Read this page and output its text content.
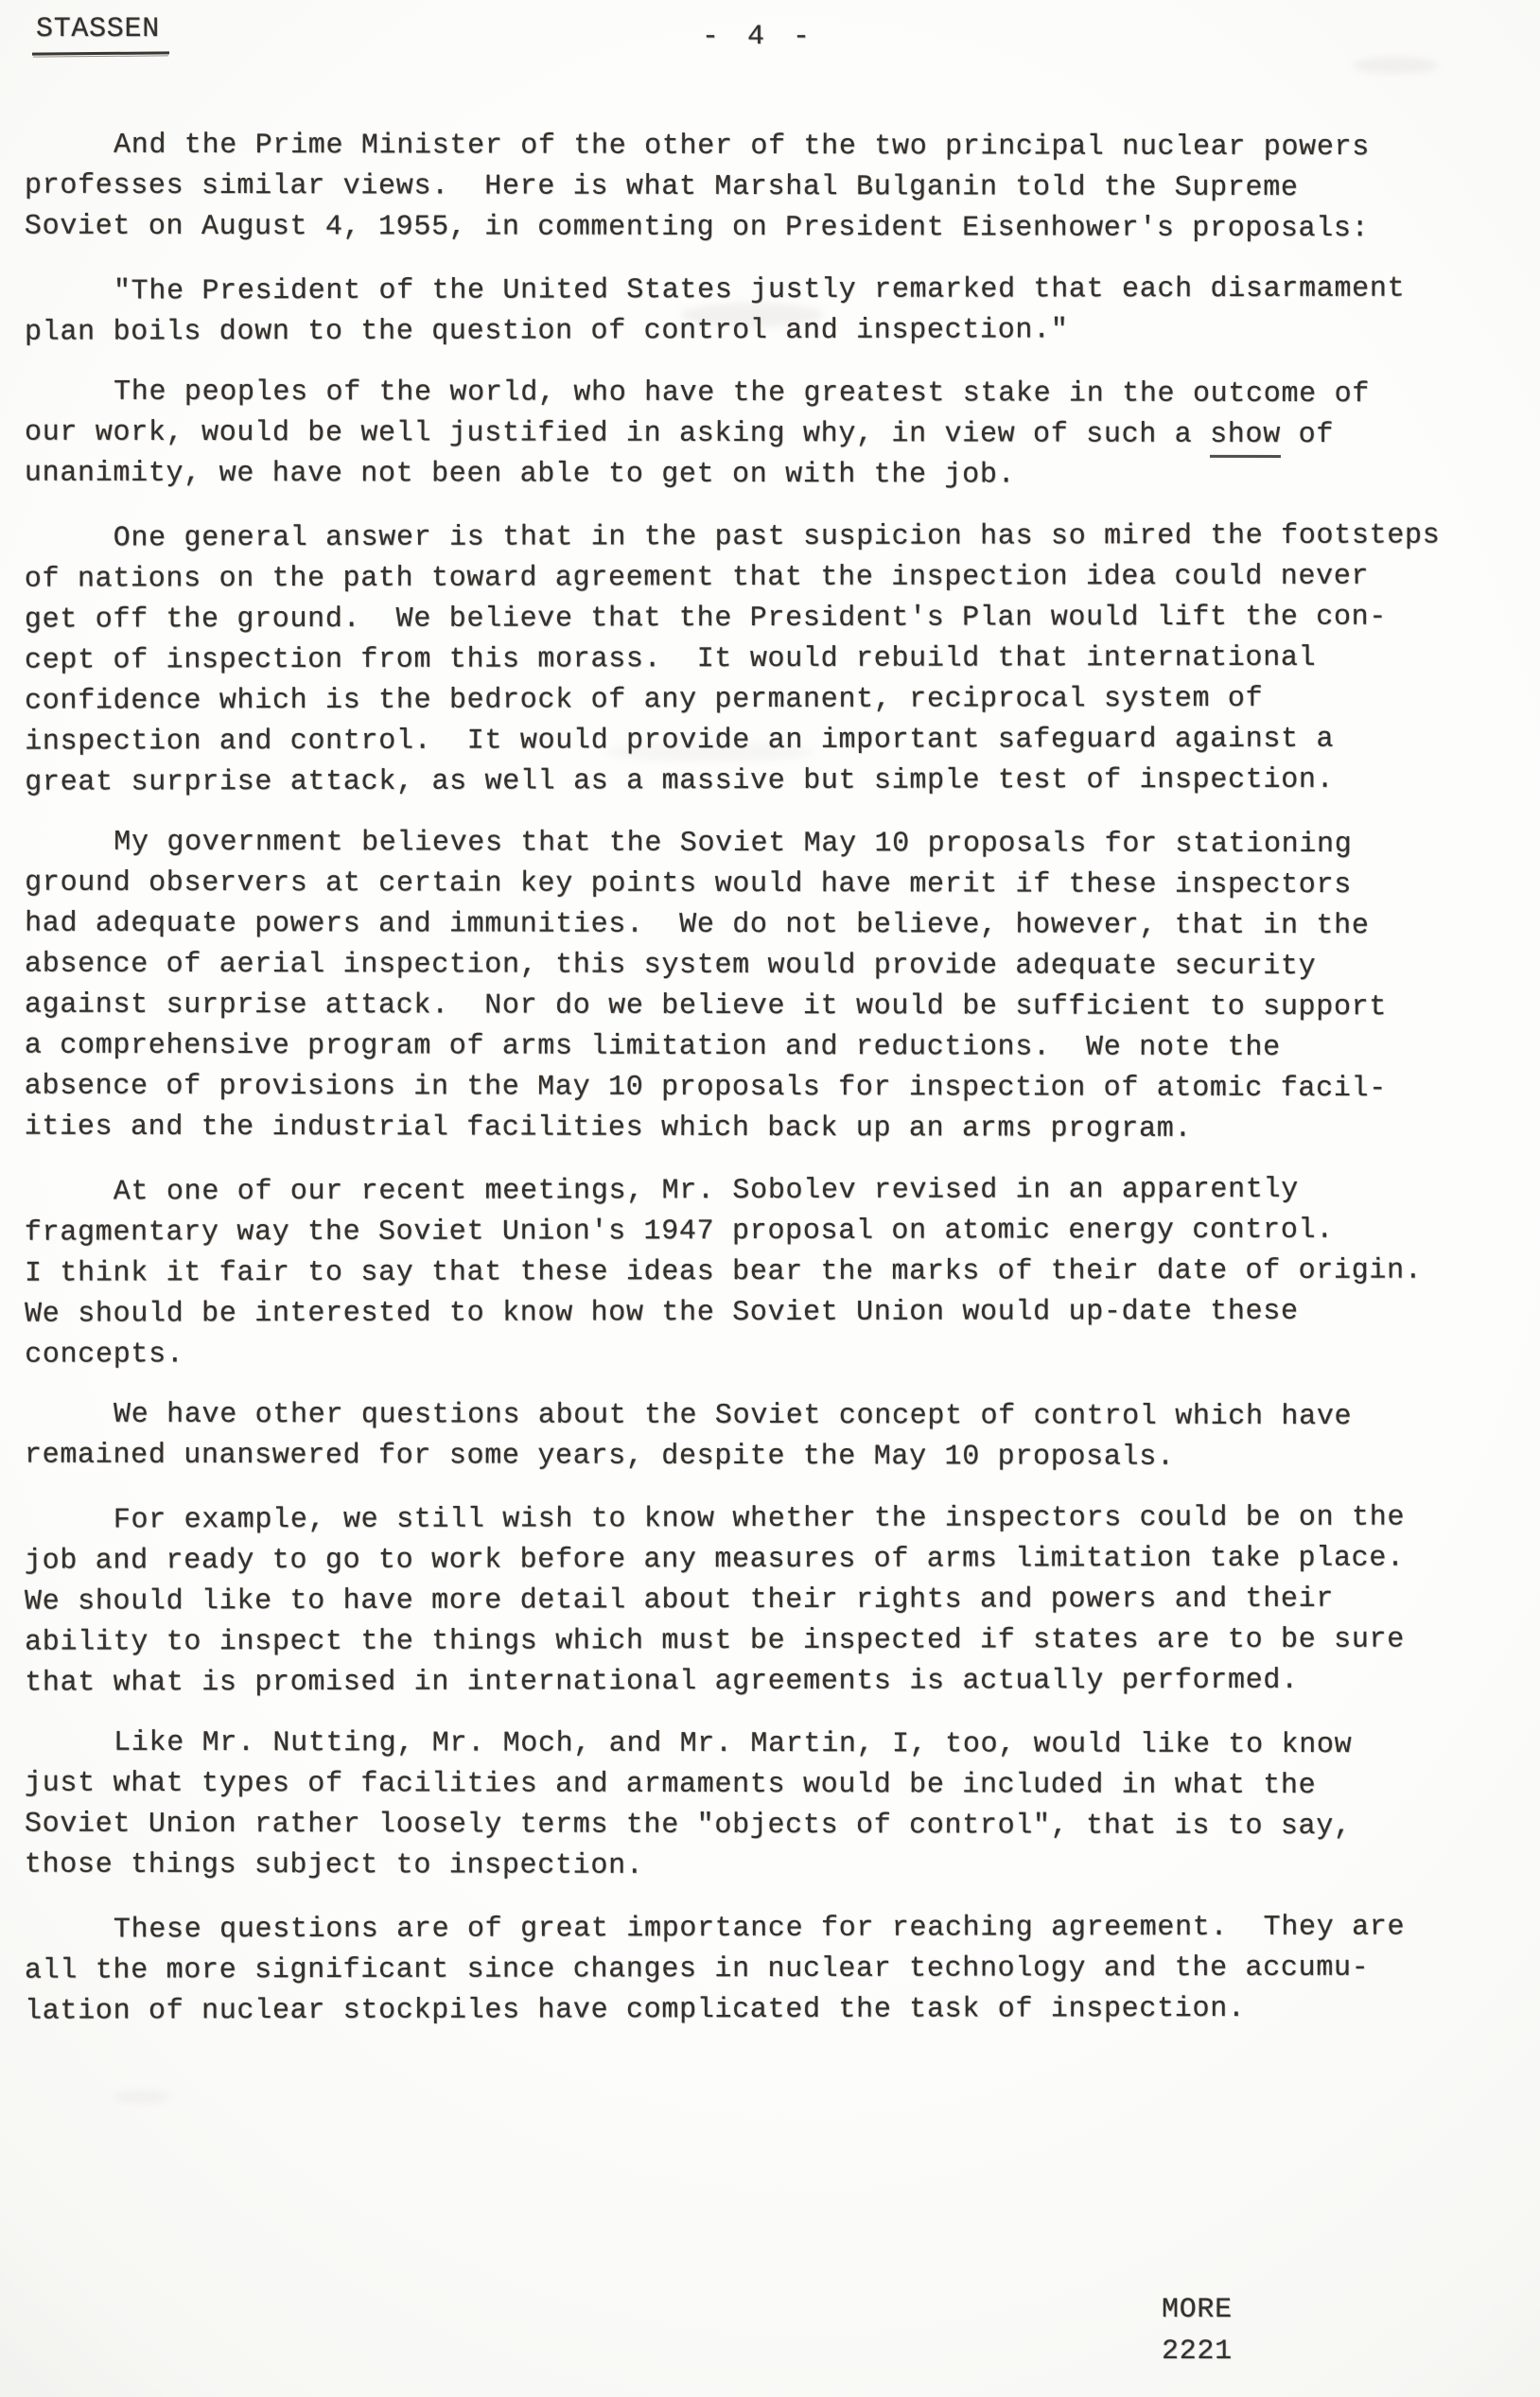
STASSEN	- 4 -
And the Prime Minister of the other of the two principal nuclear powers
professes similar views.  Here is what Marshal Bulganin told the Supreme
Soviet on August 4, 1955, in commenting on President Eisenhower's proposals:
"The President of the United States justly remarked that each disarmament
plan boils down to the question of control and inspection."
The peoples of the world, who have the greatest stake in the outcome of
our work, would be well justified in asking why, in view of such a show of
unanimity, we have not been able to get on with the job.
One general answer is that in the past suspicion has so mired the footsteps
of nations on the path toward agreement that the inspection idea could never
get off the ground.  We believe that the President's Plan would lift the con-
cept of inspection from this morass.  It would rebuild that international
confidence which is the bedrock of any permanent, reciprocal system of
inspection and control.  It would provide an important safeguard against a
great surprise attack, as well as a massive but simple test of inspection.
My government believes that the Soviet May 10 proposals for stationing
ground observers at certain key points would have merit if these inspectors
had adequate powers and immunities.  We do not believe, however, that in the
absence of aerial inspection, this system would provide adequate security
against surprise attack.  Nor do we believe it would be sufficient to support
a comprehensive program of arms limitation and reductions.  We note the
absence of provisions in the May 10 proposals for inspection of atomic facil-
ities and the industrial facilities which back up an arms program.
At one of our recent meetings, Mr. Sobolev revised in an apparently
fragmentary way the Soviet Union's 1947 proposal on atomic energy control.
I think it fair to say that these ideas bear the marks of their date of origin.
We should be interested to know how the Soviet Union would up-date these
concepts.
We have other questions about the Soviet concept of control which have
remained unanswered for some years, despite the May 10 proposals.
For example, we still wish to know whether the inspectors could be on the
job and ready to go to work before any measures of arms limitation take place.
We should like to have more detail about their rights and powers and their
ability to inspect the things which must be inspected if states are to be sure
that what is promised in international agreements is actually performed.
Like Mr. Nutting, Mr. Moch, and Mr. Martin, I, too, would like to know
just what types of facilities and armaments would be included in what the
Soviet Union rather loosely terms the "objects of control", that is to say,
those things subject to inspection.
These questions are of great importance for reaching agreement.  They are
all the more significant since changes in nuclear technology and the accumu-
lation of nuclear stockpiles have complicated the task of inspection.
MORE
2221
